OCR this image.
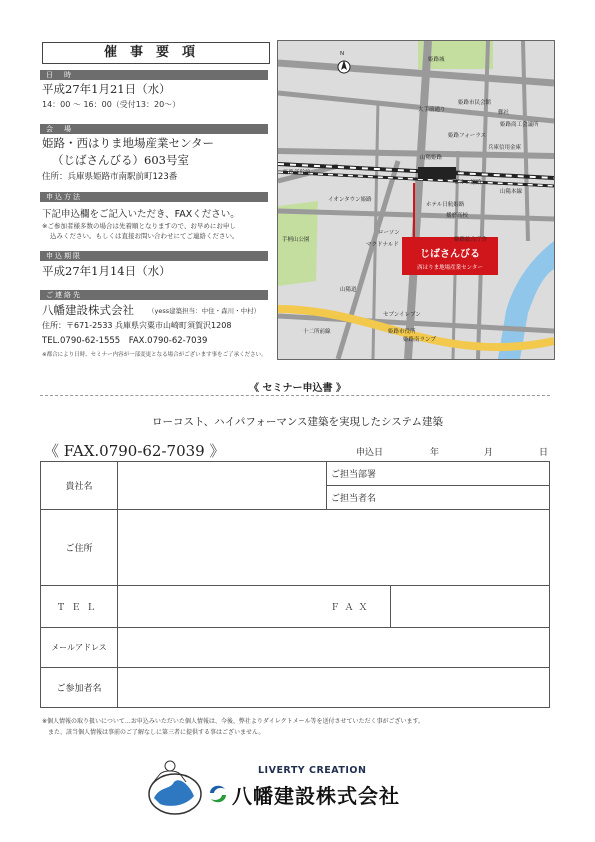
催事要項
日　時
平成27年1月21日（水）
14：00 〜 16：00（受付13：20〜）
会　場
姫路・西はりま地場産業センター
（じばさんびる）603号室
住所：兵庫県姫路市南駅前町123番
申込方法
下記申込欄をご記入いただき、FAXください。
※ご参加者様多数の場合は先着順となりますので、お早めにお申し
込みください。もしくは直接お問い合わせにてご連絡ください。
申込期限
平成27年1月14日（水）
ご連絡先
八幡建設株式会社 （yess建築担当：中住・森川・中村）
住所：〒671-2533 兵庫県宍粟市山崎町須賀沢1208
TEL.0790-62-1555　FAX.0790-62-7039
※都合により日時、セミナー内容が一部変更となる場合がございます事をご了承ください。
じばさんびる
西はりま地場産業センター
N
姫路城
姫路市民会館
郵社
姫路商工会議所
大手前通り
姫路フォーラス
兵庫信用金庫
山陽姫路
ピオレ姫路
JR姫路駅
姫路新幹線
山陽本線
イオンタウン姫路
ホテル日航姫路
播磨高校
姫路総合庁舎
手柄山公園
ローソン
マクドナルド
山陽道
セブンイレブン
姫路市役所
姫路南ランプ
十二所前線
《 セミナー申込書 》
ローコスト、ハイパフォーマンス建築を実現したシステム建築
《 FAX.0790-62-7039 》	申込日	年	月	日
貴社名		ご担当部署	
		ご担当者名	
ご住所			
ＴＥＬ		ＦＡＸ	
メールアドレス			
ご参加者名			
※個人情報の取り扱いについて…お申込みいただいた個人情報は、今後、弊社よりダイレクトメール等を送付させていただく事がございます。
また、該当個人情報は事前のご了解なしに第三者に提供する事はございません。
LIVERTY CREATION
八幡建設株式会社
